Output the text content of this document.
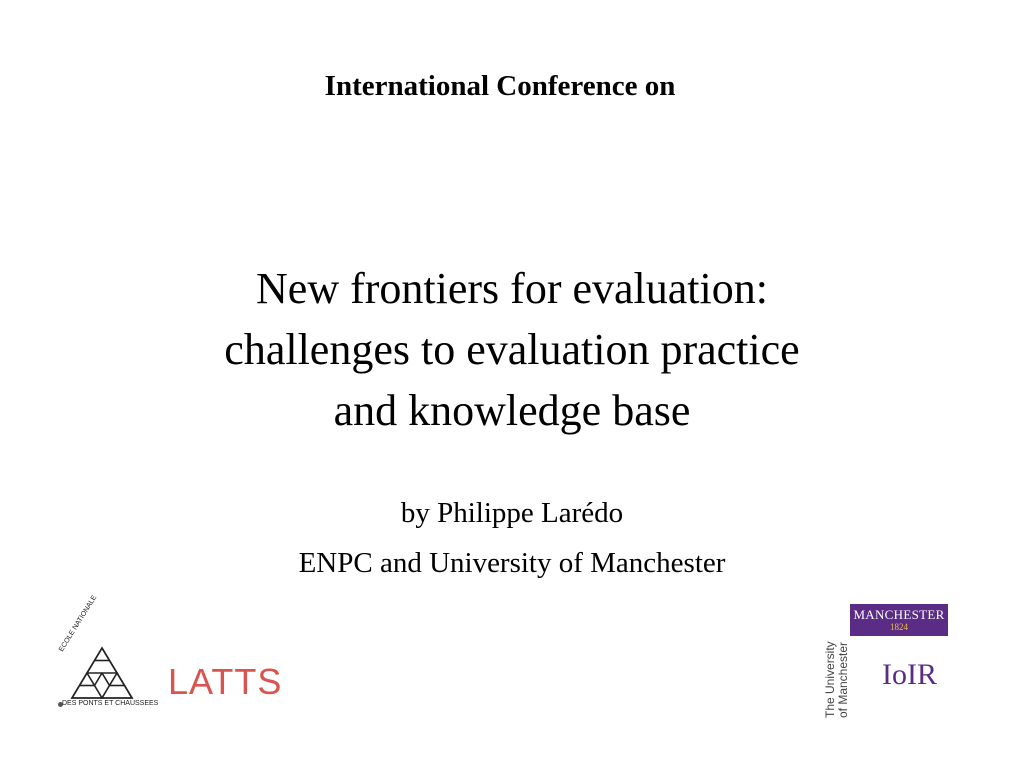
International Conference on
New frontiers for evaluation:
challenges to evaluation practice
and knowledge base
by Philippe Larédo
ENPC and University of Manchester
ECOLE NATIONALE
DES PONTS ET CHAUSSEES
LATTS	The University of Manchester
MANCHESTER
1824
IoIR
